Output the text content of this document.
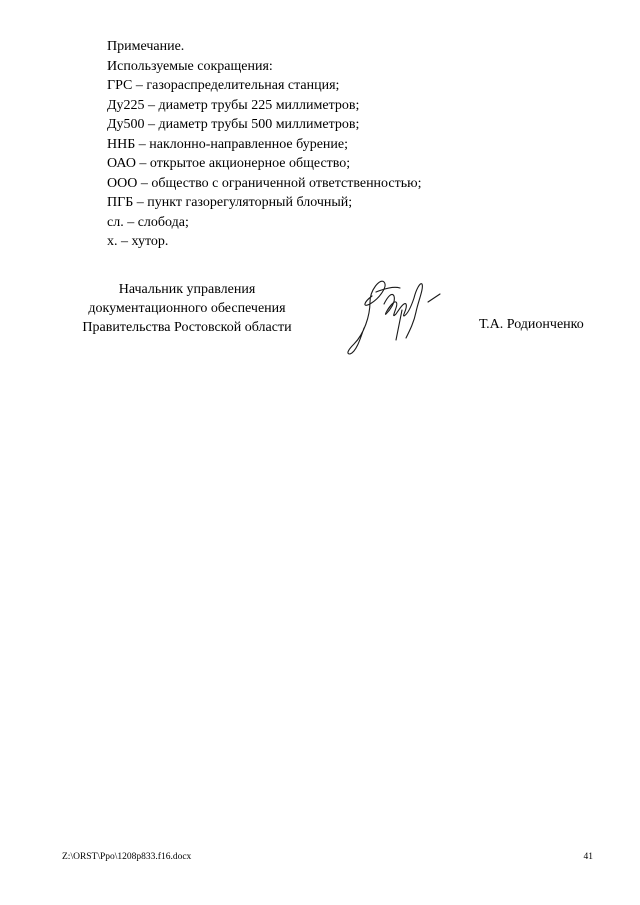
Примечание.
Используемые сокращения:
ГРС – газораспределительная станция;
Ду225 – диаметр трубы 225 миллиметров;
Ду500 – диаметр трубы 500 миллиметров;
ННБ – наклонно-направленное бурение;
ОАО – открытое акционерное общество;
ООО – общество с ограниченной ответственностью;
ПГБ – пункт газорегуляторный блочный;
сл. – слобода;
х. – хутор.
Начальник управления
документационного обеспечения
Правительства Ростовской области	Т.А. Родионченко
Z:\ORST\Ppo\1208p833.f16.docx	41
